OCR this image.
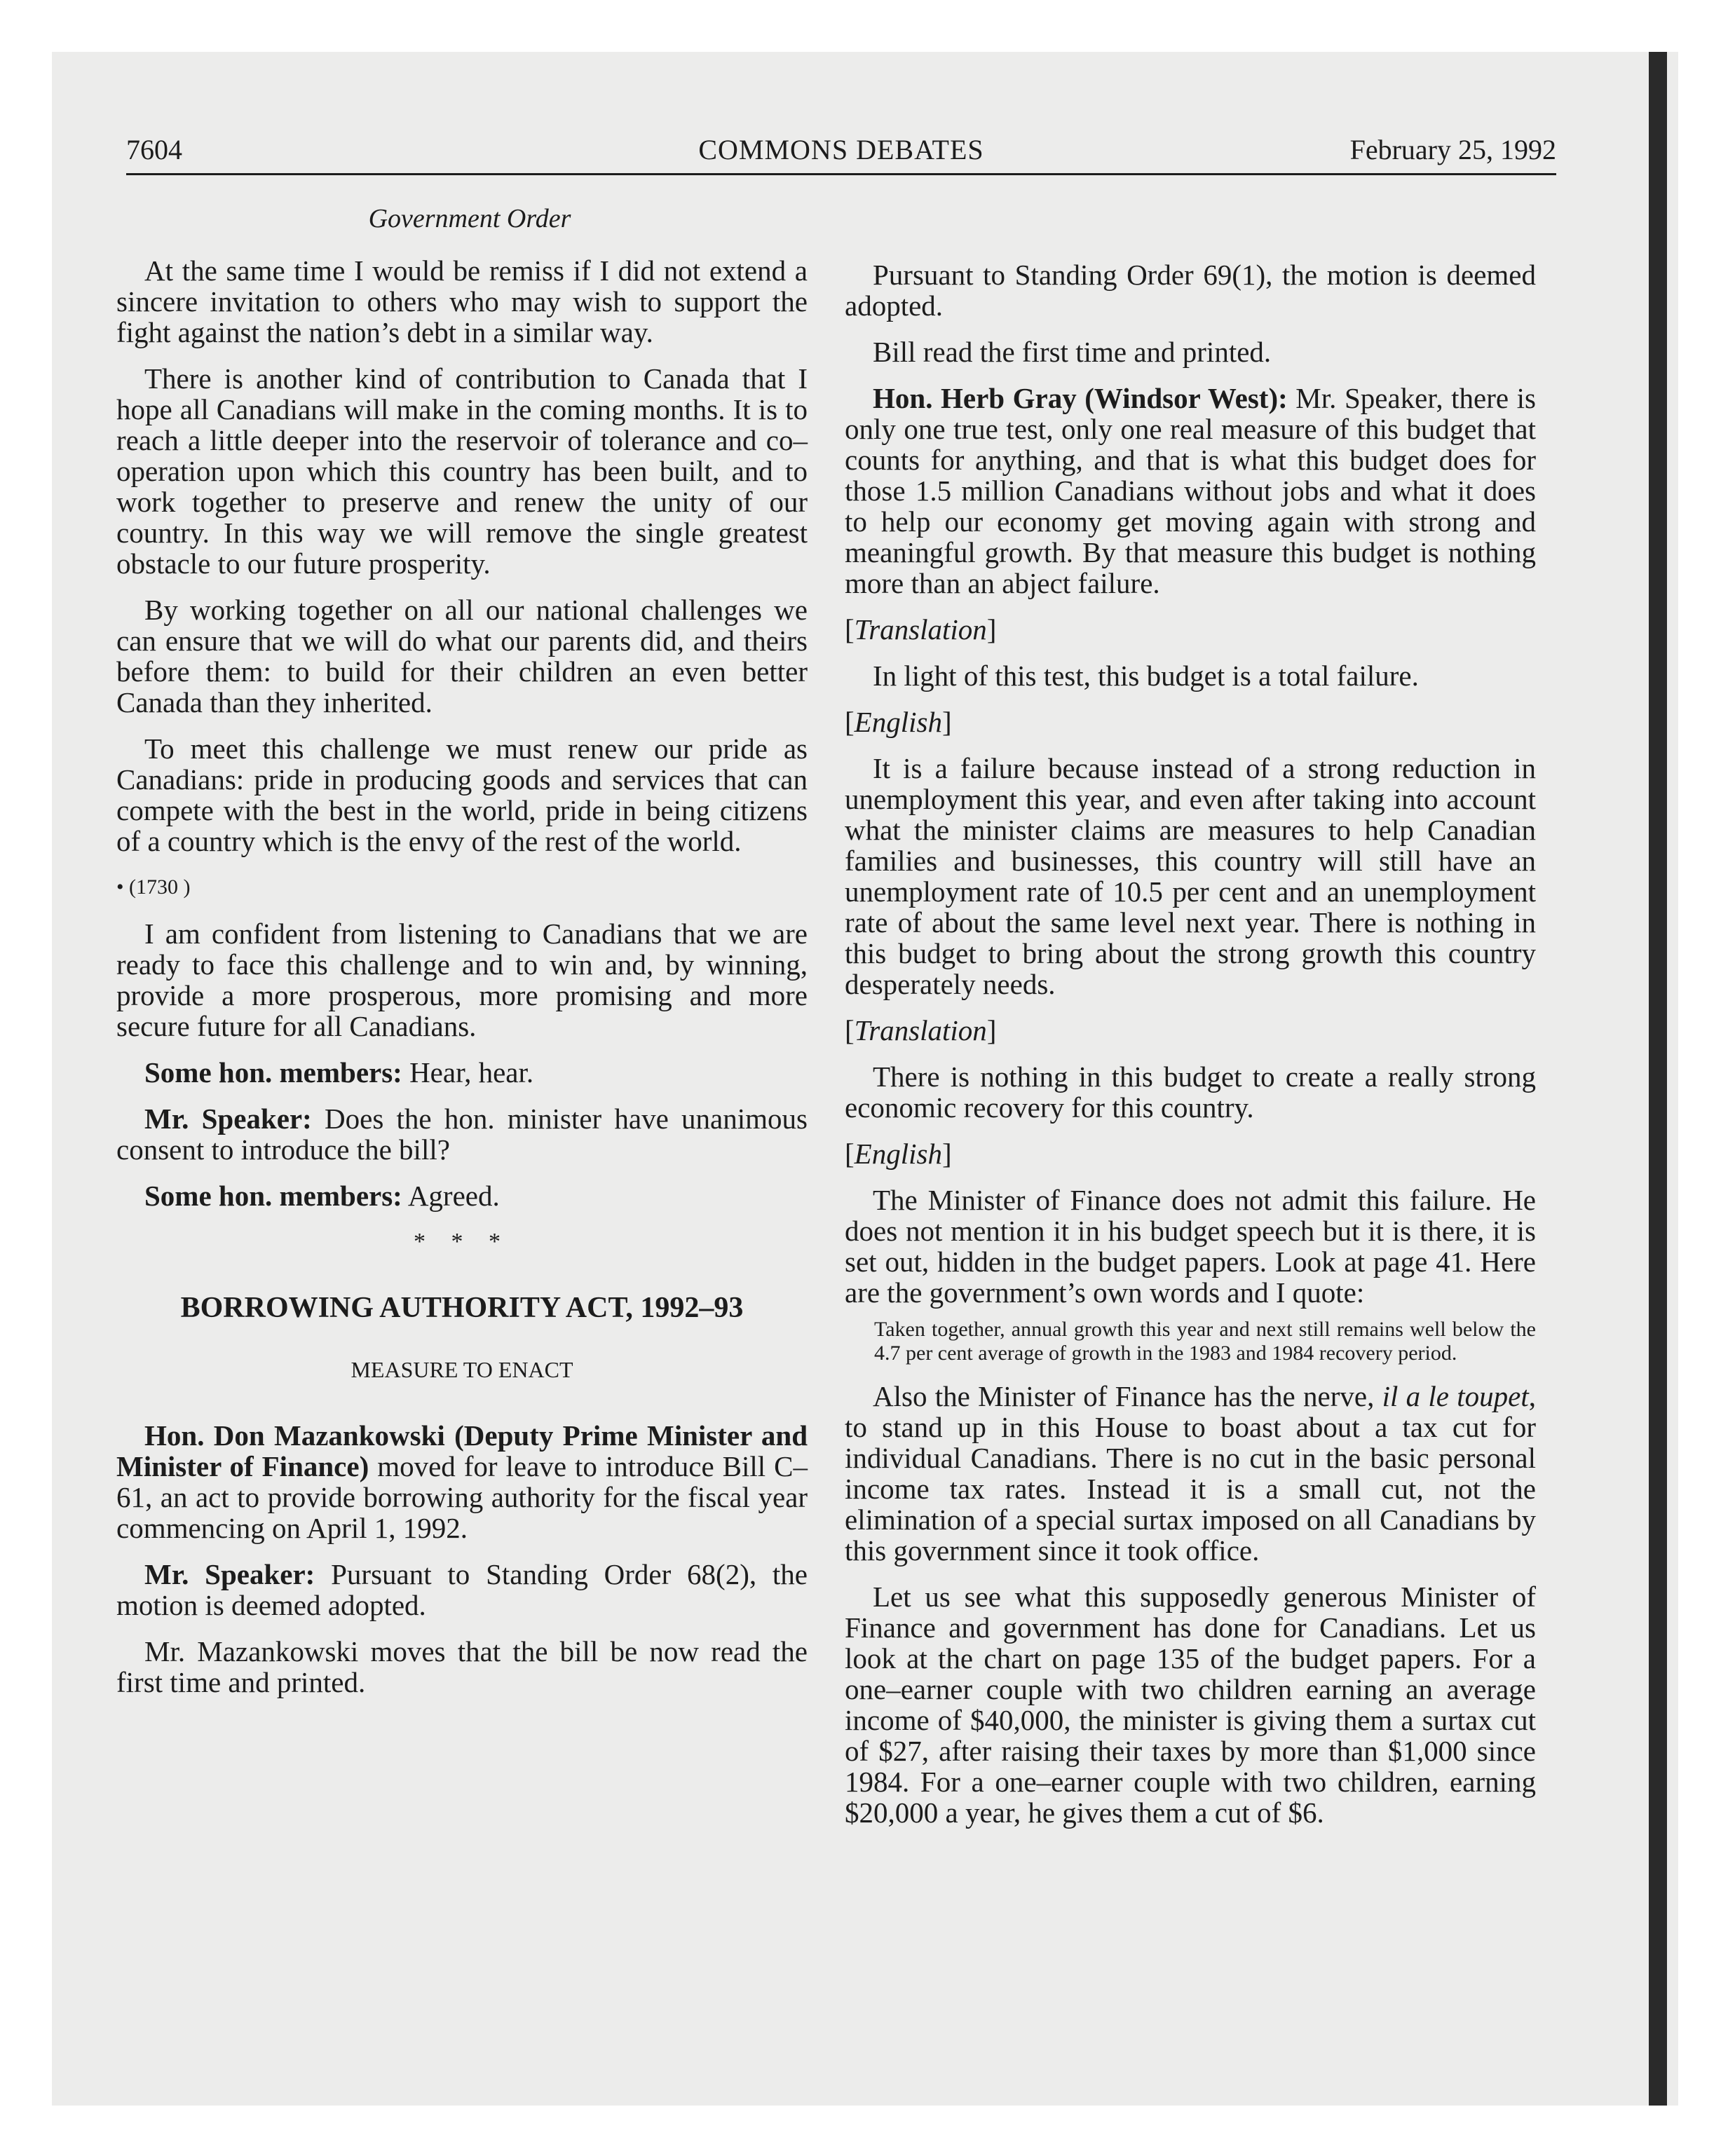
7604	COMMONS DEBATES	February 25, 1992
Government Order

At the same time I would be remiss if I did not extend a sincere invitation to others who may wish to support the fight against the nation’s debt in a similar way.

There is another kind of contribution to Canada that I hope all Canadians will make in the coming months. It is to reach a little deeper into the reservoir of tolerance and co–operation upon which this country has been built, and to work together to preserve and renew the unity of our country. In this way we will remove the single greatest obstacle to our future prosperity.

By working together on all our national challenges we can ensure that we will do what our parents did, and theirs before them: to build for their children an even better Canada than they inherited.

To meet this challenge we must renew our pride as Canadians: pride in producing goods and services that can compete with the best in the world, pride in being citizens of a country which is the envy of the rest of the world.

• (1730 )

I am confident from listening to Canadians that we are ready to face this challenge and to win and, by winning, provide a more prosperous, more promising and more secure future for all Canadians.

Some hon. members: Hear, hear.

Mr. Speaker: Does the hon. minister have unanimous consent to introduce the bill?

Some hon. members: Agreed.

* * *
BORROWING AUTHORITY ACT, 1992–93
MEASURE TO ENACT

Hon. Don Mazankowski (Deputy Prime Minister and Minister of Finance) moved for leave to introduce Bill C–61, an act to provide borrowing authority for the fiscal year commencing on April 1, 1992.

Mr. Speaker: Pursuant to Standing Order 68(2), the motion is deemed adopted.

Mr. Mazankowski moves that the bill be now read the first time and printed.

Pursuant to Standing Order 69(1), the motion is deemed adopted.

Bill read the first time and printed.

Hon. Herb Gray (Windsor West): Mr. Speaker, there is only one true test, only one real measure of this budget that counts for anything, and that is what this budget does for those 1.5 million Canadians without jobs and what it does to help our economy get moving again with strong and meaningful growth. By that measure this budget is nothing more than an abject failure.

[Translation]

In light of this test, this budget is a total failure.

[English]

It is a failure because instead of a strong reduction in unemployment this year, and even after taking into account what the minister claims are measures to help Canadian families and businesses, this country will still have an unemployment rate of 10.5 per cent and an unemployment rate of about the same level next year. There is nothing in this budget to bring about the strong growth this country desperately needs.

[Translation]

There is nothing in this budget to create a really strong economic recovery for this country.

[English]

The Minister of Finance does not admit this failure. He does not mention it in his budget speech but it is there, it is set out, hidden in the budget papers. Look at page 41. Here are the government’s own words and I quote:

Taken together, annual growth this year and next still remains well below the 4.7 per cent average of growth in the 1983 and 1984 recovery period.

Also the Minister of Finance has the nerve, il a le toupet, to stand up in this House to boast about a tax cut for individual Canadians. There is no cut in the basic personal income tax rates. Instead it is a small cut, not the elimination of a special surtax imposed on all Canadians by this government since it took office.

Let us see what this supposedly generous Minister of Finance and government has done for Canadians. Let us look at the chart on page 135 of the budget papers. For a one–earner couple with two children earning an average income of $40,000, the minister is giving them a surtax cut of $27, after raising their taxes by more than $1,000 since 1984. For a one–earner couple with two children, earning $20,000 a year, he gives them a cut of $6.
